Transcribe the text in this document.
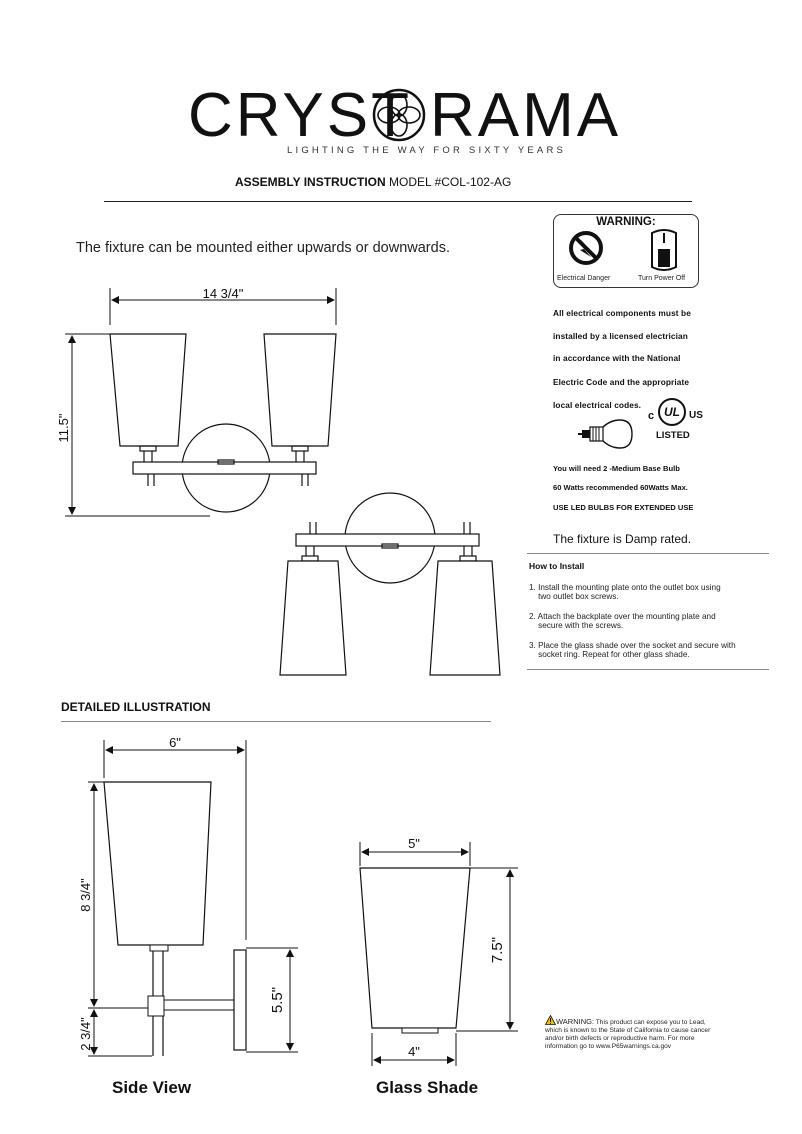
CRYST RAMA
LIGHTING THE WAY FOR SIXTY YEARS
ASSEMBLY INSTRUCTION MODEL #COL-102-AG
The fixture can be mounted either upwards or downwards.
14 3/4"
11.5"
WARNING:
Electrical Danger	Turn Power Off
All electrical components must be
installed by a licensed electrician
in accordance with the National
Electric Code and the appropriate
local electrical codes.
c UL US
LISTED
You will need 2 -Medium Base Bulb
60 Watts recommended 60Watts Max.
USE LED BULBS FOR EXTENDED USE
The fixture is Damp rated.
How to Install
1. Install the mounting plate onto the outlet box using
two outlet box screws.
2. Attach the backplate over the mounting plate and
secure with the screws.
3. Place the glass shade over the socket and secure with
socket ring. Repeat for other glass shade.
DETAILED ILLUSTRATION
6"
8 3/4"
2 3/4"
5.5"
5"
7.5"
4"
Side View	Glass Shade
WARNING: This product can expose you to Lead,
which is known to the State of California to cause cancer
and/or birth defects or reproductive harm. For more
information go to www.P65warnings.ca.gov
